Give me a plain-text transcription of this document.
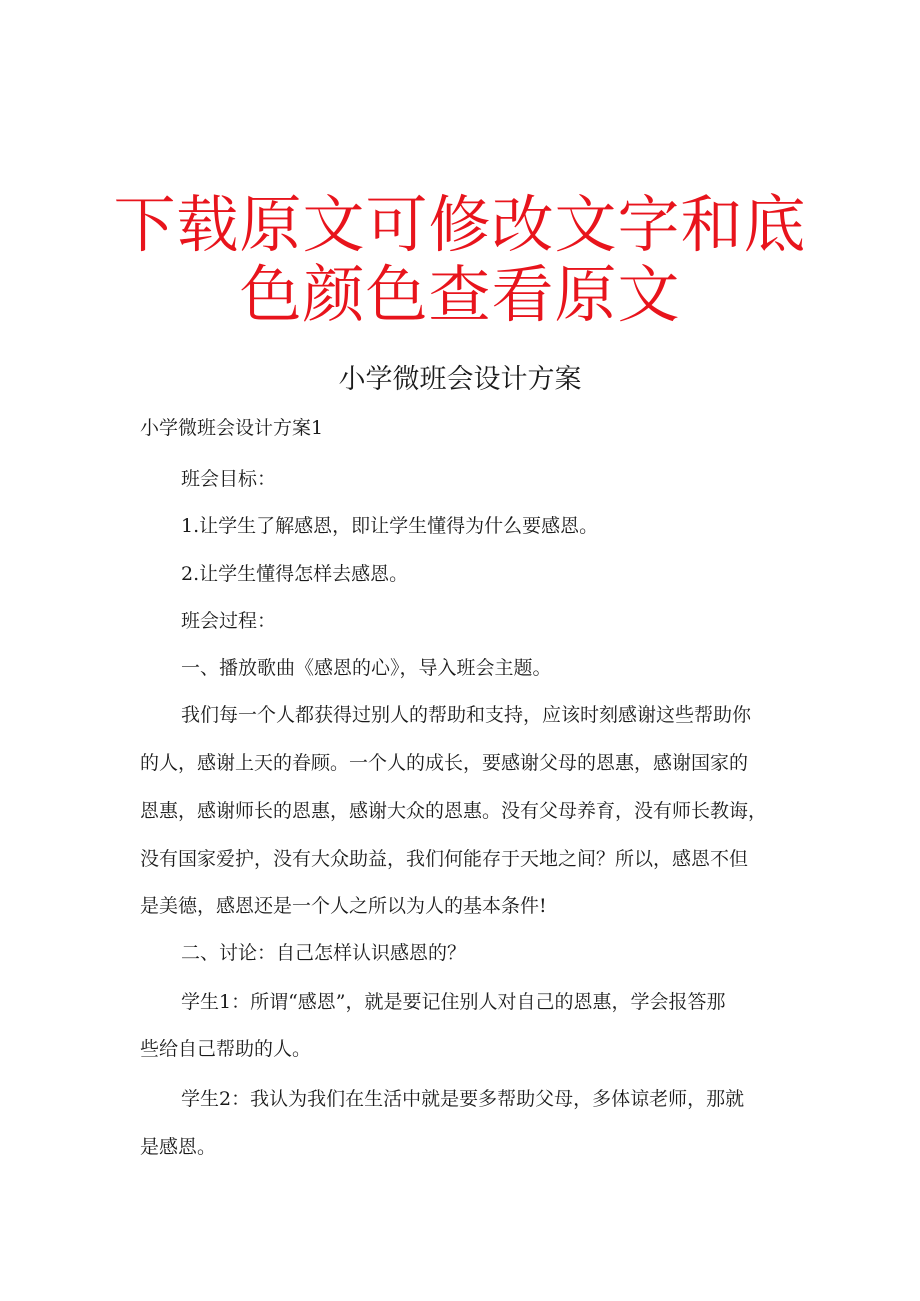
下载原文可修改文字和底
色颜色查看原文
小学微班会设计方案
小学微班会设计方案1
班会目标：
1.让学生了解感恩，即让学生懂得为什么要感恩。
2.让学生懂得怎样去感恩。
班会过程：
一、播放歌曲《感恩的心》，导入班会主题。
我们每一个人都获得过别人的帮助和支持，应该时刻感谢这些帮助你
的人，感谢上天的眷顾。一个人的成长，要感谢父母的恩惠，感谢国家的
恩惠，感谢师长的恩惠，感谢大众的恩惠。没有父母养育，没有师长教诲，
没有国家爱护，没有大众助益，我们何能存于天地之间？所以，感恩不但
是美德，感恩还是一个人之所以为人的基本条件!
二、讨论：自己怎样认识感恩的？
学生1：所谓“感恩”，就是要记住别人对自己的恩惠，学会报答那
些给自己帮助的人。
学生2：我认为我们在生活中就是要多帮助父母，多体谅老师，那就
是感恩。
